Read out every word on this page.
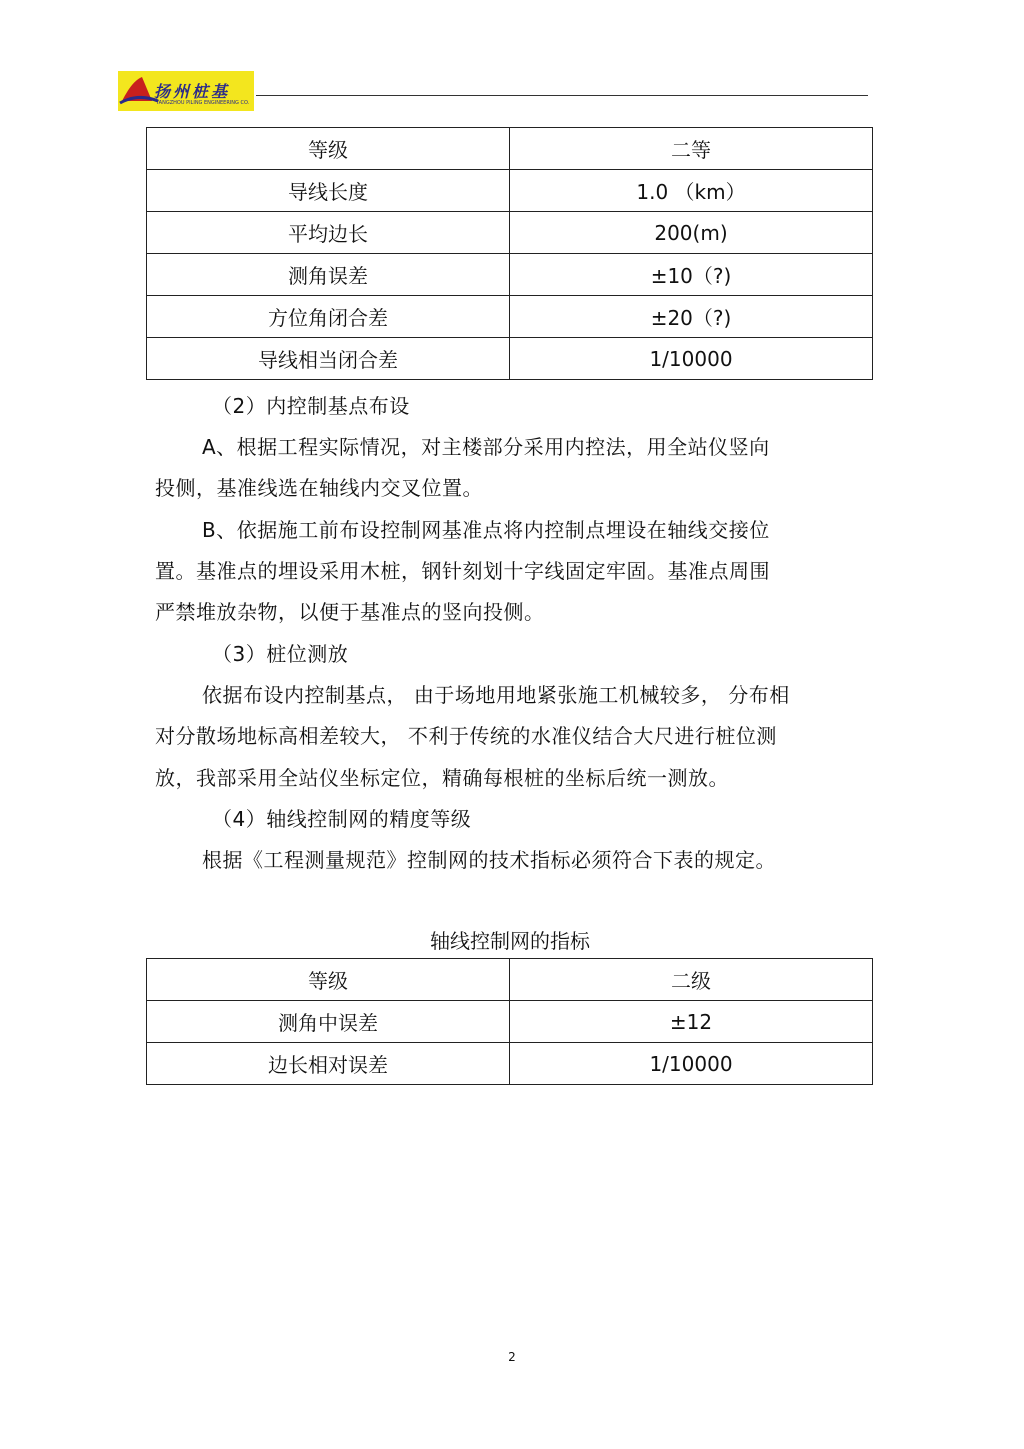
扬州桩基
YANGZHOU PILING ENGINEERING CO.
等级	二等
导线长度	1.0 （km）
平均边长	200(m)
测角误差	±10（?)
方位角闭合差	±20（?)
导线相当闭合差	1/10000
（2）内控制基点布设
A、根据工程实际情况，对主楼部分采用内控法，用全站仪竖向
投侧，基准线选在轴线内交叉位置。
B、依据施工前布设控制网基准点将内控制点埋设在轴线交接位
置。基准点的埋设采用木桩，钢针刻划十字线固定牢固。基准点周围
严禁堆放杂物，以便于基准点的竖向投侧。
（3）桩位测放
依据布设内控制基点， 由于场地用地紧张施工机械较多， 分布相
对分散场地标高相差较大， 不利于传统的水准仪结合大尺进行桩位测
放，我部采用全站仪坐标定位，精确每根桩的坐标后统一测放。
（4）轴线控制网的精度等级
根据《工程测量规范》控制网的技术指标必须符合下表的规定。
轴线控制网的指标
等级	二级
测角中误差	±12
边长相对误差	1/10000
2
